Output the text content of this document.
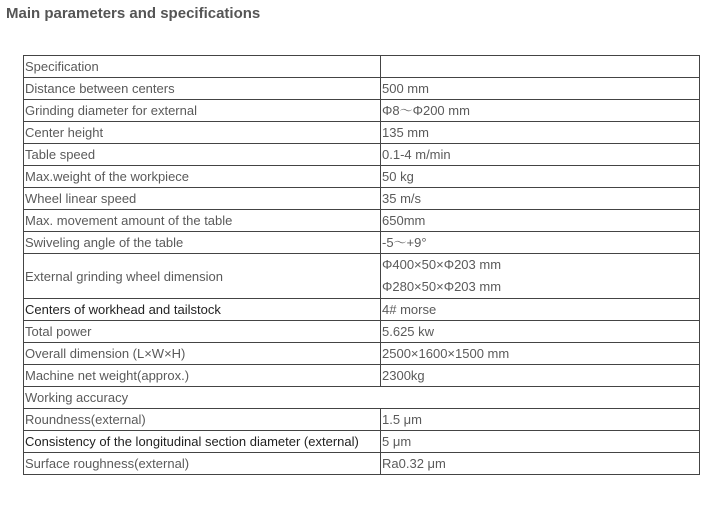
Main parameters and specifications
Specification	
Distance between centers	500 mm
Grinding diameter for external	Φ8～Φ200 mm
Center height	135 mm
Table speed	0.1-4 m/min
Max.weight of the workpiece	50 kg
Wheel linear speed	35 m/s
Max. movement amount of the table	650mm
Swiveling angle of the table	-5～+9°
External grinding wheel dimension	Φ400×50×Φ203 mm
Φ280×50×Φ203 mm

Centers of workhead and tailstock	4# morse
Total power	5.625 kw
Overall dimension (L×W×H)	2500×1600×1500 mm
Machine net weight(approx.)	2300kg
Working accuracy	
Roundness(external)	1.5 μm
Consistency of the longitudinal section diameter (external)	5 μm
Surface roughness(external)	Ra0.32 μm
